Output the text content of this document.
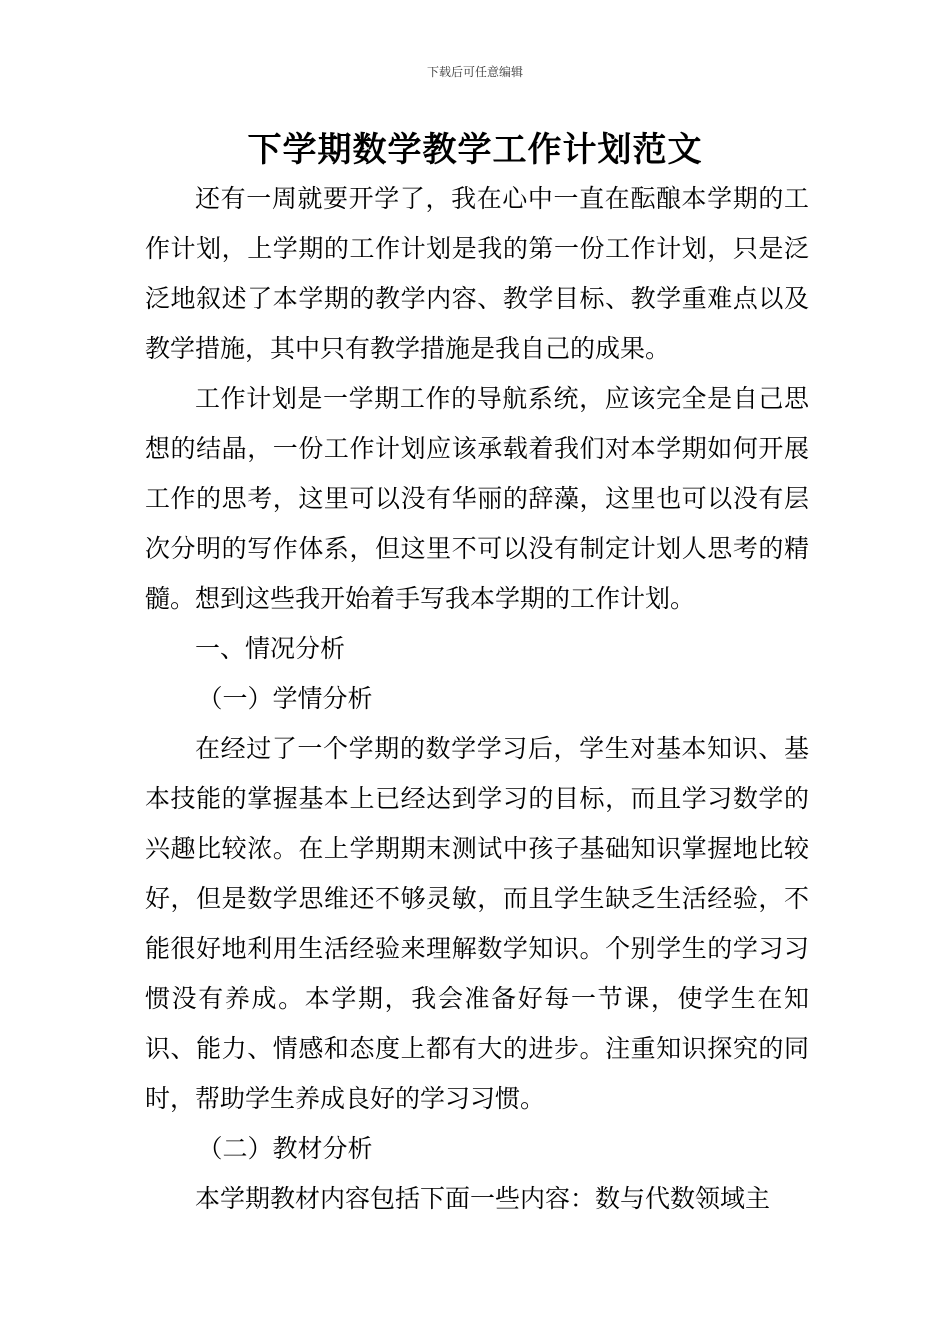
下载后可任意编辑
下学期数学教学工作计划范文

还有一周就要开学了，我在心中一直在酝酿本学期的工作计划，上学期的工作计划是我的第一份工作计划，只是泛泛地叙述了本学期的教学内容、教学目标、教学重难点以及教学措施，其中只有教学措施是我自己的成果。

工作计划是一学期工作的导航系统，应该完全是自己思想的结晶，一份工作计划应该承载着我们对本学期如何开展工作的思考，这里可以没有华丽的辞藻，这里也可以没有层次分明的写作体系，但这里不可以没有制定计划人思考的精髓。想到这些我开始着手写我本学期的工作计划。

一、情况分析

（一）学情分析

在经过了一个学期的数学学习后，学生对基本知识、基本技能的掌握基本上已经达到学习的目标，而且学习数学的兴趣比较浓。在上学期期末测试中孩子基础知识掌握地比较好，但是数学思维还不够灵敏，而且学生缺乏生活经验，不能很好地利用生活经验来理解数学知识。个别学生的学习习惯没有养成。本学期，我会准备好每一节课，使学生在知识、能力、情感和态度上都有大的进步。注重知识探究的同时，帮助学生养成良好的学习习惯。

（二）教材分析

本学期教材内容包括下面一些内容：数与代数领域主
